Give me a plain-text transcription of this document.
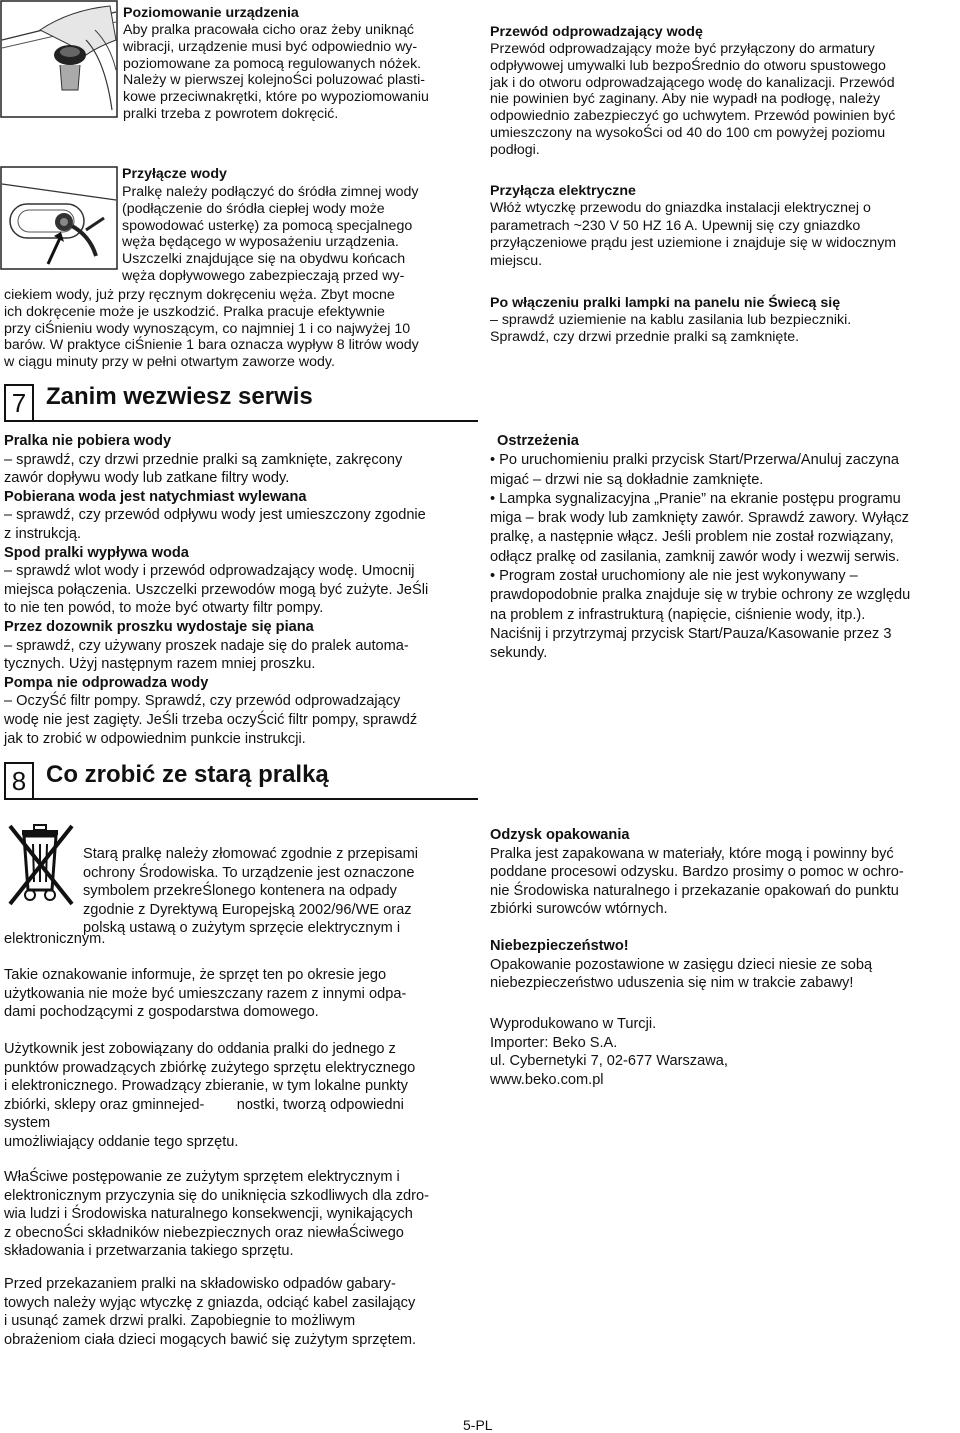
Poziomowanie urządzenia
Aby pralka pracowała cicho oraz żeby uniknąć
wibracji, urządzenie musi być odpowiednio wy-
poziomowane za pomocą regulowanych nóżek.
Należy w pierwszej kolejnoŚci poluzować plasti-
kowe przeciwnakrętki, które po wypoziomowaniu
pralki trzeba z powrotem dokręcić.
Przyłącze wody
Pralkę należy podłączyć do śródła zimnej wody
(podłączenie do śródła ciepłej wody może
spowodować usterkę) za pomocą specjalnego
węża będącego w wyposażeniu urządzenia.
Uszczelki znajdujące się na obydwu końcach
węża dopływowego zabezpieczają przed wy-
ciekiem wody, już przy ręcznym dokręceniu węża. Zbyt mocne
ich dokręcenie może je uszkodzić. Pralka pracuje efektywnie
przy ciŚnieniu wody wynoszącym, co najmniej 1 i co najwyżej 10
barów. W praktyce ciŚnienie 1 bara oznacza wypływ 8 litrów wody
w ciągu minuty przy w pełni otwartym zaworze wody.
Przewód odprowadzający wodę
Przewód odprowadzający może być przyłączony do armatury
odpływowej umywalki lub bezpoŚrednio do otworu spustowego
jak i do otworu odprowadzającego wodę do kanalizacji. Przewód
nie powinien być zaginany. Aby nie wypadł na podłogę, należy
odpowiednio zabezpieczyć go uchwytem. Przewód powinien być
umieszczony na wysokoŚci od 40 do 100 cm powyżej poziomu
podłogi.
Przyłącza elektryczne
Włóż wtyczkę przewodu do gniazdka instalacji elektrycznej o
parametrach ~230 V 50 HZ 16 A. Upewnij się czy gniazdko
przyłączeniowe prądu jest uziemione i znajduje się w widocznym
miejscu.
Po włączeniu pralki lampki na panelu nie Świecą się
– sprawdź uziemienie na kablu zasilania lub bezpieczniki.
Sprawdź, czy drzwi przednie pralki są zamknięte.
7 Zanim wezwiesz serwis
Pralka nie pobiera wody
– sprawdź, czy drzwi przednie pralki są zamknięte, zakręcony
zawór dopływu wody lub zatkane filtry wody.
Pobierana woda jest natychmiast wylewana
– sprawdź, czy przewód odpływu wody jest umieszczony zgodnie
z instrukcją.
Spod pralki wypływa woda
– sprawdź wlot wody i przewód odprowadzający wodę. Umocnij
miejsca połączenia. Uszczelki przewodów mogą być zużyte. JeŚli
to nie ten powód, to może być otwarty filtr pompy.
Przez dozownik proszku wydostaje się piana
– sprawdź, czy używany proszek nadaje się do pralek automa-
tycznych. Użyj następnym razem mniej proszku.
Pompa nie odprowadza wody
– OczyŚć filtr pompy. Sprawdź, czy przewód odprowadzający
wodę nie jest zagięty. JeŚli trzeba oczyŚcić filtr pompy, sprawdź
jak to zrobić w odpowiednim punkcie instrukcji.
Ostrzeżenia
• Po uruchomieniu pralki przycisk Start/Przerwa/Anuluj zaczyna
migać – drzwi nie są dokładnie zamknięte.
• Lampka sygnalizacyjna „Pranie” na ekranie postępu programu
miga – brak wody lub zamknięty zawór. Sprawdź zawory. Wyłącz
pralkę, a następnie włącz. Jeśli problem nie został rozwiązany,
odłącz pralkę od zasilania, zamknij zawór wody i wezwij serwis.
• Program został uruchomiony ale nie jest wykonywany –
prawdopodobnie pralka znajduje się w trybie ochrony ze względu
na problem z infrastrukturą (napięcie, ciśnienie wody, itp.).
Naciśnij i przytrzymaj przycisk Start/Pauza/Kasowanie przez 3
sekundy.
8 Co zrobić ze starą pralką
Starą pralkę należy złomować zgodnie z przepisami
ochrony Środowiska. To urządzenie jest oznaczone
symbolem przekreŚlonego kontenera na odpady
zgodnie z Dyrektywą Europejską 2002/96/WE oraz
polską ustawą o zużytym sprzęcie elektrycznym i
elektronicznym.
Takie oznakowanie informuje, że sprzęt ten po okresie jego
użytkowania nie może być umieszczany razem z innymi odpa-
dami pochodzącymi z gospodarstwa domowego.
Użytkownik jest zobowiązany do oddania pralki do jednego z
punktów prowadzących zbiórkę zużytego sprzętu elektrycznego
i elektronicznego. Prowadzący zbieranie, w tym lokalne punkty
zbiórki, sklepy oraz gminnejed-        nostki, tworzą odpowiedni
system
umożliwiający oddanie tego sprzętu.
WłaŚciwe postępowanie ze zużytym sprzętem elektrycznym i
elektronicznym przyczynia się do uniknięcia szkodliwych dla zdro-
wia ludzi i Środowiska naturalnego konsekwencji, wynikających
z obecnoŚci składników niebezpiecznych oraz niewłaŚciwego
składowania i przetwarzania takiego sprzętu.
Przed przekazaniem pralki na składowisko odpadów gabary-
towych należy wyjąc wtyczkę z gniazda, odciąć kabel zasilający
i usunąć zamek drzwi pralki. Zapobiegnie to możliwym
obrażeniom ciała dzieci mogących bawić się zużytym sprzętem.
Odzysk opakowania
Pralka jest zapakowana w materiały, które mogą i powinny być
poddane procesowi odzysku. Bardzo prosimy o pomoc w ochro-
nie Środowiska naturalnego i przekazanie opakowań do punktu
zbiórki surowców wtórnych.
Niebezpieczeństwo!
Opakowanie pozostawione w zasięgu dzieci niesie ze sobą
niebezpieczeństwo uduszenia się nim w trakcie zabawy!
Wyprodukowano w Turcji.
Importer: Beko S.A.
ul. Cybernetyki 7, 02-677 Warszawa,
www.beko.com.pl
5-PL
